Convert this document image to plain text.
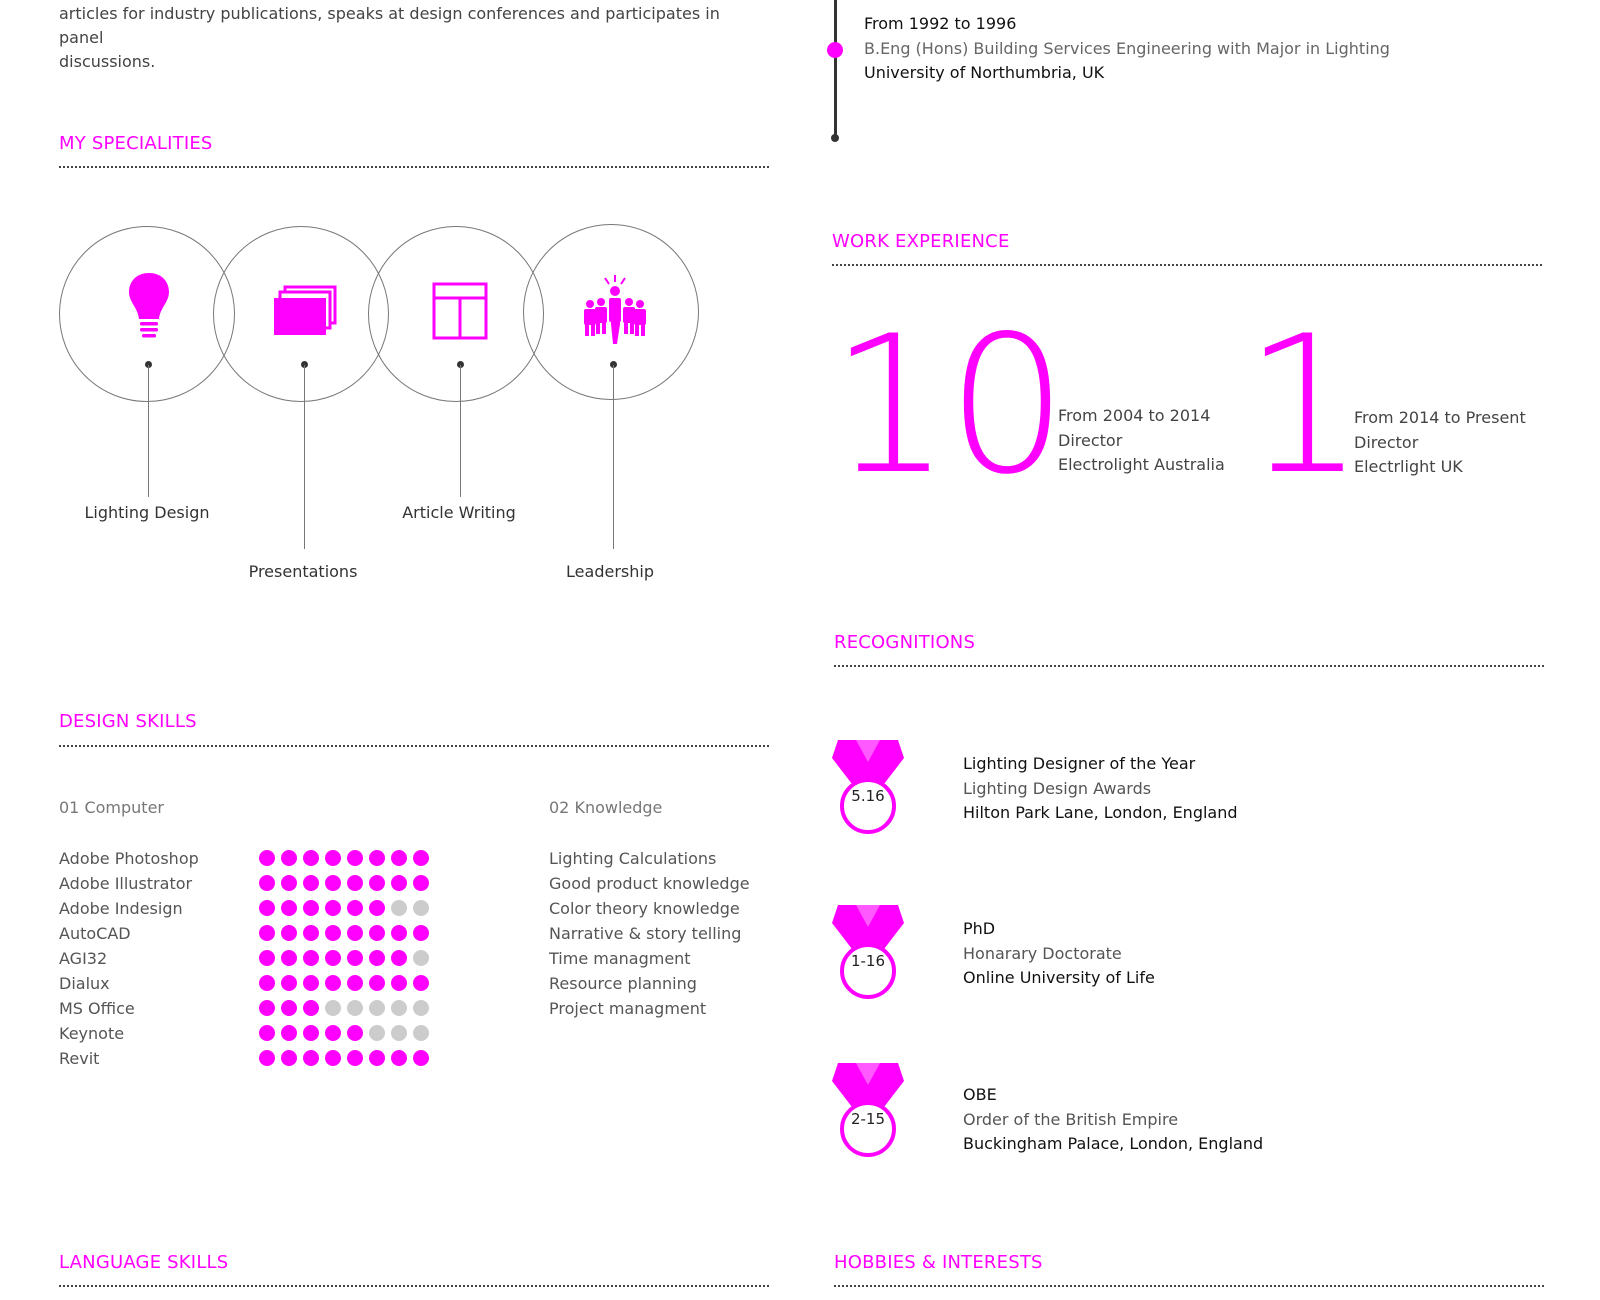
articles for industry publications, speaks at design conferences and participates in panel
discussions.
From 1992 to 1996
B.Eng (Hons) Building Services Engineering with Major in Lighting
University of Northumbria, UK
MY SPECIALITIES
Lighting Design
Presentations
Article Writing
Leadership
WORK EXPERIENCE
10
From 2004 to 2014
Director
Electrolight Australia 1
From 2014 to Present
Director
Electrlight UK
RECOGNITIONS
5.16
Lighting Designer of the Year
Lighting Design Awards
Hilton Park Lane, London, England
1-16
PhD
Honarary Doctorate
Online University of Life
2-15
OBE
Order of the British Empire
Buckingham Palace, London, England
DESIGN SKILLS
01 Computer	02 Knowledge
Adobe Photoshop
Adobe Illustrator
Adobe Indesign
AutoCAD
AGI32
Dialux
MS Office
Keynote
Revit
Lighting Calculations
Good product knowledge
Color theory knowledge
Narrative & story telling
Time managment
Resource planning
Project managment
LANGUAGE SKILLS	HOBBIES & INTERESTS
